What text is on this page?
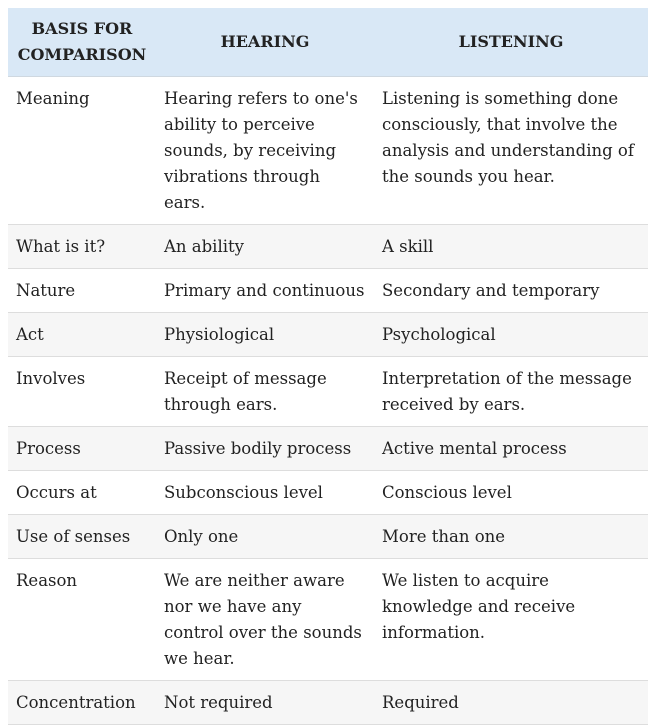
BASIS FOR COMPARISON	HEARING	LISTENING
Meaning	Hearing refers to one's ability to perceive sounds, by receiving vibrations through ears.	Listening is something done consciously, that involve the analysis and understanding of the sounds you hear.
What is it?	An ability	A skill
Nature	Primary and continuous	Secondary and temporary
Act	Physiological	Psychological
Involves	Receipt of message through ears.	Interpretation of the message received by ears.
Process	Passive bodily process	Active mental process
Occurs at	Subconscious level	Conscious level
Use of senses	Only one	More than one
Reason	We are neither aware nor we have any control over the sounds we hear.	We listen to acquire knowledge and receive information.
Concentration	Not required	Required
